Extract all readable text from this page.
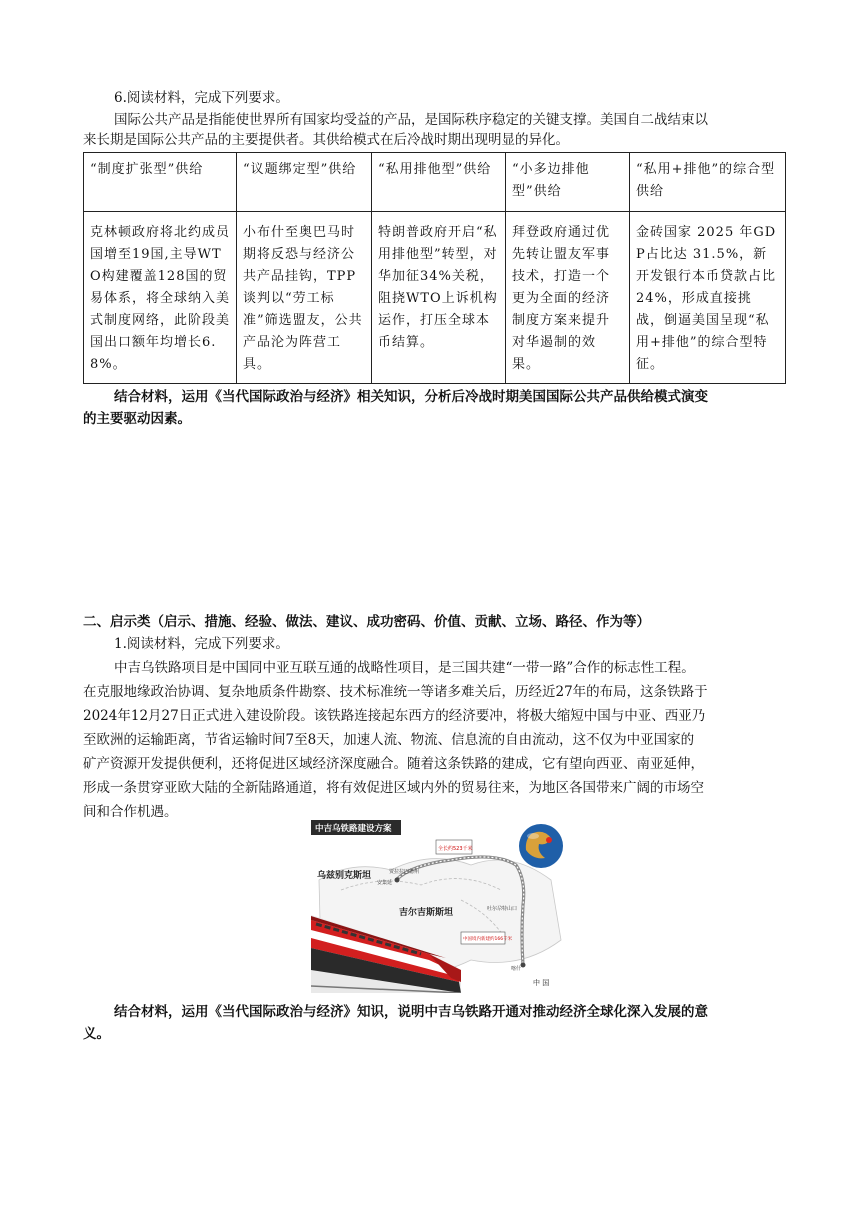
6.阅读材料，完成下列要求。
国际公共产品是指能使世界所有国家均受益的产品，是国际秩序稳定的关键支撑。美国自二战结束以
来长期是国际公共产品的主要提供者。其供给模式在后冷战时期出现明显的异化。
“制度扩张型”供给	“议题绑定型”供给	“私用排他型”供给	“小多边排他型”供给	“私用+排他”的综合型供给
克林顿政府将北约成员国增至19国,主导WTO构建覆盖128国的贸易体系，将全球纳入美式制度网络，此阶段美国出口额年均增长6.8%。	小布什至奥巴马时期将反恐与经济公共产品挂钩，TPP谈判以“劳工标准”筛选盟友，公共产品沦为阵营工具。	特朗普政府开启“私用排他型”转型，对华加征34%关税，阻挠WTO上诉机构运作，打压全球本币结算。	拜登政府通过优先转让盟友军事技术，打造一个更为全面的经济制度方案来提升对华遏制的效果。	金砖国家 2025 年GDP占比达 31.5%，新开发银行本币贷款占比 24%，形成直接挑战，倒逼美国呈现“私用+排他”的综合型特征。
结合材料，运用《当代国际政治与经济》相关知识，分析后冷战时期美国国际公共产品供给模式演变
的主要驱动因素。
二、启示类（启示、措施、经验、做法、建议、成功密码、价值、贡献、立场、路径、作为等）
1.阅读材料，完成下列要求。
中吉乌铁路项目是中国同中亚互联互通的战略性项目，是三国共建“一带一路”合作的标志性工程。
在克服地缘政治协调、复杂地质条件勘察、技术标准统一等诸多难关后，历经近27年的布局，这条铁路于
2024年12月27日正式进入建设阶段。该铁路连接起东西方的经济要冲，将极大缩短中国与中亚、西亚乃
至欧洲的运输距离，节省运输时间7至8天，加速人流、物流、信息流的自由流动，这不仅为中亚国家的
矿产资源开发提供便利，还将促进区域经济深度融合。随着这条铁路的建成，它有望向西亚、南亚延伸，
形成一条贯穿亚欧大陆的全新陆路通道，将有效促进区域内外的贸易往来，为地区各国带来广阔的市场空
间和合作机遇。
中吉乌铁路建设方案
全长约523千米
贾拉拉巴德州
安集延
乌兹别克斯坦
吉尔吉斯斯坦	吐尔尕特山口
中国境内新建约166千米
喀什
中 国
结合材料，运用《当代国际政治与经济》知识，说明中吉乌铁路开通对推动经济全球化深入发展的意
义。
